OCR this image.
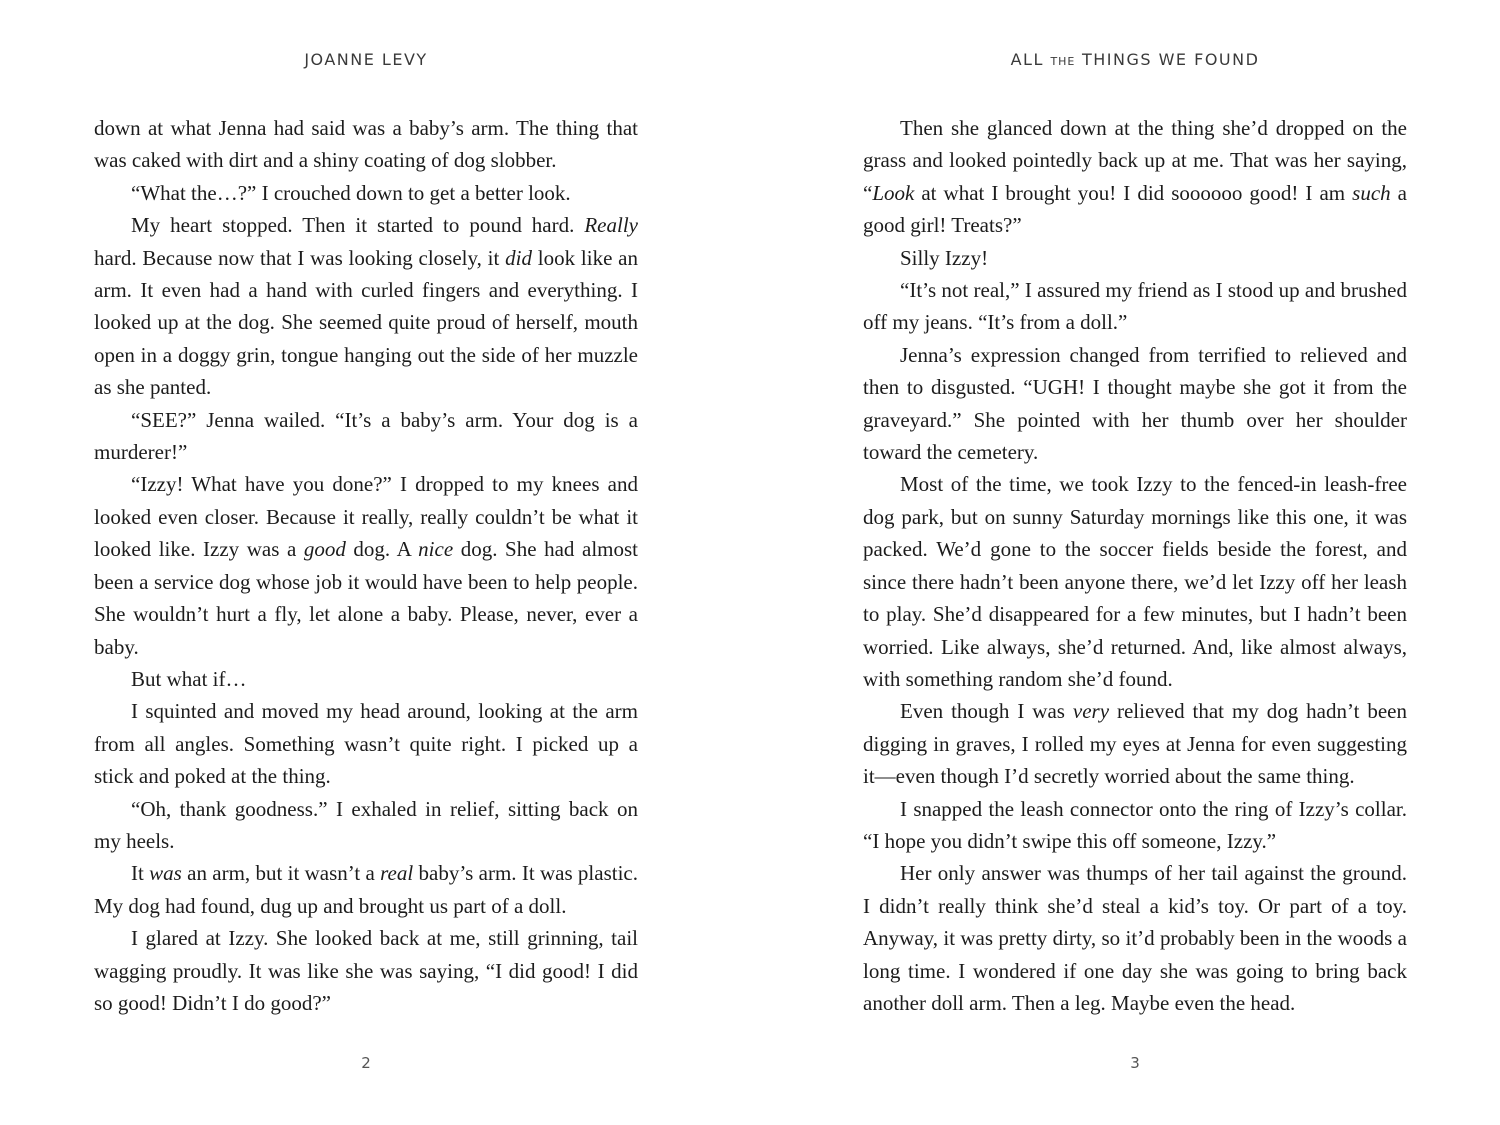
JOANNE LEVY

down at what Jenna had said was a baby’s arm. The thing that was caked with dirt and a shiny coating of dog slobber.

“What the…?” I crouched down to get a better look.

My heart stopped. Then it started to pound hard. Really hard. Because now that I was looking closely, it did look like an arm. It even had a hand with curled fingers and everything. I looked up at the dog. She seemed quite proud of herself, mouth open in a doggy grin, tongue hanging out the side of her muzzle as she panted.

“SEE?” Jenna wailed. “It’s a baby’s arm. Your dog is a murderer!”

“Izzy! What have you done?” I dropped to my knees and looked even closer. Because it really, really couldn’t be what it looked like. Izzy was a good dog. A nice dog. She had almost been a service dog whose job it would have been to help people. She wouldn’t hurt a fly, let alone a baby. Please, never, ever a baby.

But what if…

I squinted and moved my head around, looking at the arm from all angles. Something wasn’t quite right. I picked up a stick and poked at the thing.

“Oh, thank goodness.” I exhaled in relief, sitting back on my heels.

It was an arm, but it wasn’t a real baby’s arm. It was plastic. My dog had found, dug up and brought us part of a doll.

I glared at Izzy. She looked back at me, still grinning, tail wagging proudly. It was like she was saying, “I did good! I did so good! Didn’t I do good?”

2
ALL THE THINGS WE FOUND

Then she glanced down at the thing she’d dropped on the grass and looked pointedly back up at me. That was her saying, “Look at what I brought you! I did soooooo good! I am such a good girl! Treats?”

Silly Izzy!

“It’s not real,” I assured my friend as I stood up and brushed off my jeans. “It’s from a doll.”

Jenna’s expression changed from terrified to relieved and then to disgusted. “UGH! I thought maybe she got it from the graveyard.” She pointed with her thumb over her shoulder toward the cemetery.

Most of the time, we took Izzy to the fenced-in leash-free dog park, but on sunny Saturday mornings like this one, it was packed. We’d gone to the soccer fields beside the forest, and since there hadn’t been anyone there, we’d let Izzy off her leash to play. She’d disappeared for a few minutes, but I hadn’t been worried. Like always, she’d returned. And, like almost always, with something random she’d found.

Even though I was very relieved that my dog hadn’t been digging in graves, I rolled my eyes at Jenna for even suggesting it—even though I’d secretly worried about the same thing.

I snapped the leash connector onto the ring of Izzy’s collar. “I hope you didn’t swipe this off someone, Izzy.”

Her only answer was thumps of her tail against the ground. I didn’t really think she’d steal a kid’s toy. Or part of a toy. Anyway, it was pretty dirty, so it’d probably been in the woods a long time. I wondered if one day she was going to bring back another doll arm. Then a leg. Maybe even the head.

3
